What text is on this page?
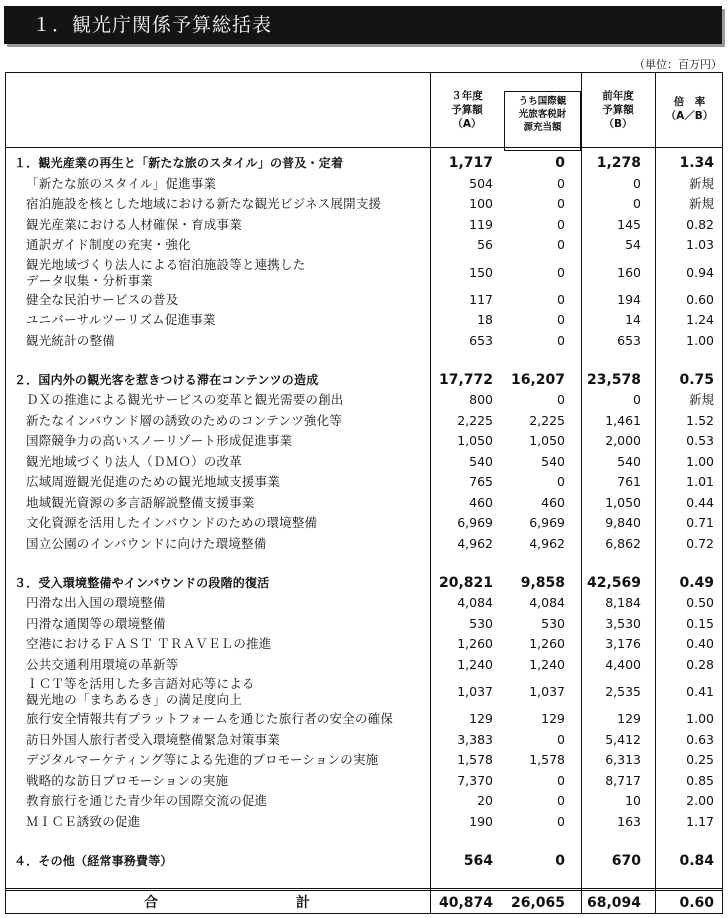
１．観光庁関係予算総括表
（単位：百万円）
３年度
予算額
（A）
うち国際観
光旅客税財
源充当額
前年度
予算額
（B）
倍　率
（A／B）
１．観光産業の再生と「新たな旅のスタイル」の普及・定着	1,717	0 1,278	1.34
「新たな旅のスタイル」促進事業	504	0	0	新規
宿泊施設を核とした地域における新たな観光ビジネス展開支援	100	0	0	新規
観光産業における人材確保・育成事業	119	0	145	0.82
通訳ガイド制度の充実・強化	56	0	54	1.03
観光地域づくり法人による宿泊施設等と連携した
データ収集・分析事業
150	0	160	0.94
健全な民泊サービスの普及	117	0	194	0.60
ユニバーサルツーリズム促進事業	18	0	14	1.24
観光統計の整備	653	0	653	1.00
２．国内外の観光客を惹きつける滞在コンテンツの造成	17,772 16,207 23,578	0.75
ＤＸの推進による観光サービスの変革と観光需要の創出	800	0	0	新規
新たなインバウンド層の誘致のためのコンテンツ強化等	2,225	2,225	1,461	1.52
国際競争力の高いスノーリゾート形成促進事業	1,050	1,050	2,000	0.53
観光地域づくり法人（ＤＭＯ）の改革	540	540	540	1.00
広域周遊観光促進のための観光地域支援事業	765	0	761	1.01
地域観光資源の多言語解説整備支援事業	460	460	1,050	0.44
文化資源を活用したインバウンドのための環境整備	6,969	6,969	9,840	0.71
国立公園のインバウンドに向けた環境整備	4,962	4,962	6,862	0.72
３．受入環境整備やインバウンドの段階的復活	20,821 9,858 42,569	0.49
円滑な出入国の環境整備	4,084	4,084	8,184	0.50
円滑な通関等の環境整備	530	530	3,530	0.15
空港におけるＦＡＳＴ ＴＲＡＶＥＬの推進	1,260	1,260	3,176	0.40
公共交通利用環境の革新等	1,240	1,240	4,400	0.28
ＩＣＴ等を活用した多言語対応等による
観光地の「まちあるき」の満足度向上
1,037	1,037	2,535	0.41
旅行安全情報共有プラットフォームを通じた旅行者の安全の確保	129	129	129	1.00
訪日外国人旅行者受入環境整備緊急対策事業	3,383	0	5,412	0.63
デジタルマーケティング等による先進的プロモーションの実施	1,578	1,578	6,313	0.25
戦略的な訪日プロモーションの実施	7,370	0	8,717	0.85
教育旅行を通じた青少年の国際交流の促進	20	0	10	2.00
ＭＩＣＥ誘致の促進	190	0	163	1.17
４．その他（経常事務費等）	564	0	670	0.84
合	計	40,874 26,065 68,094	0.60
